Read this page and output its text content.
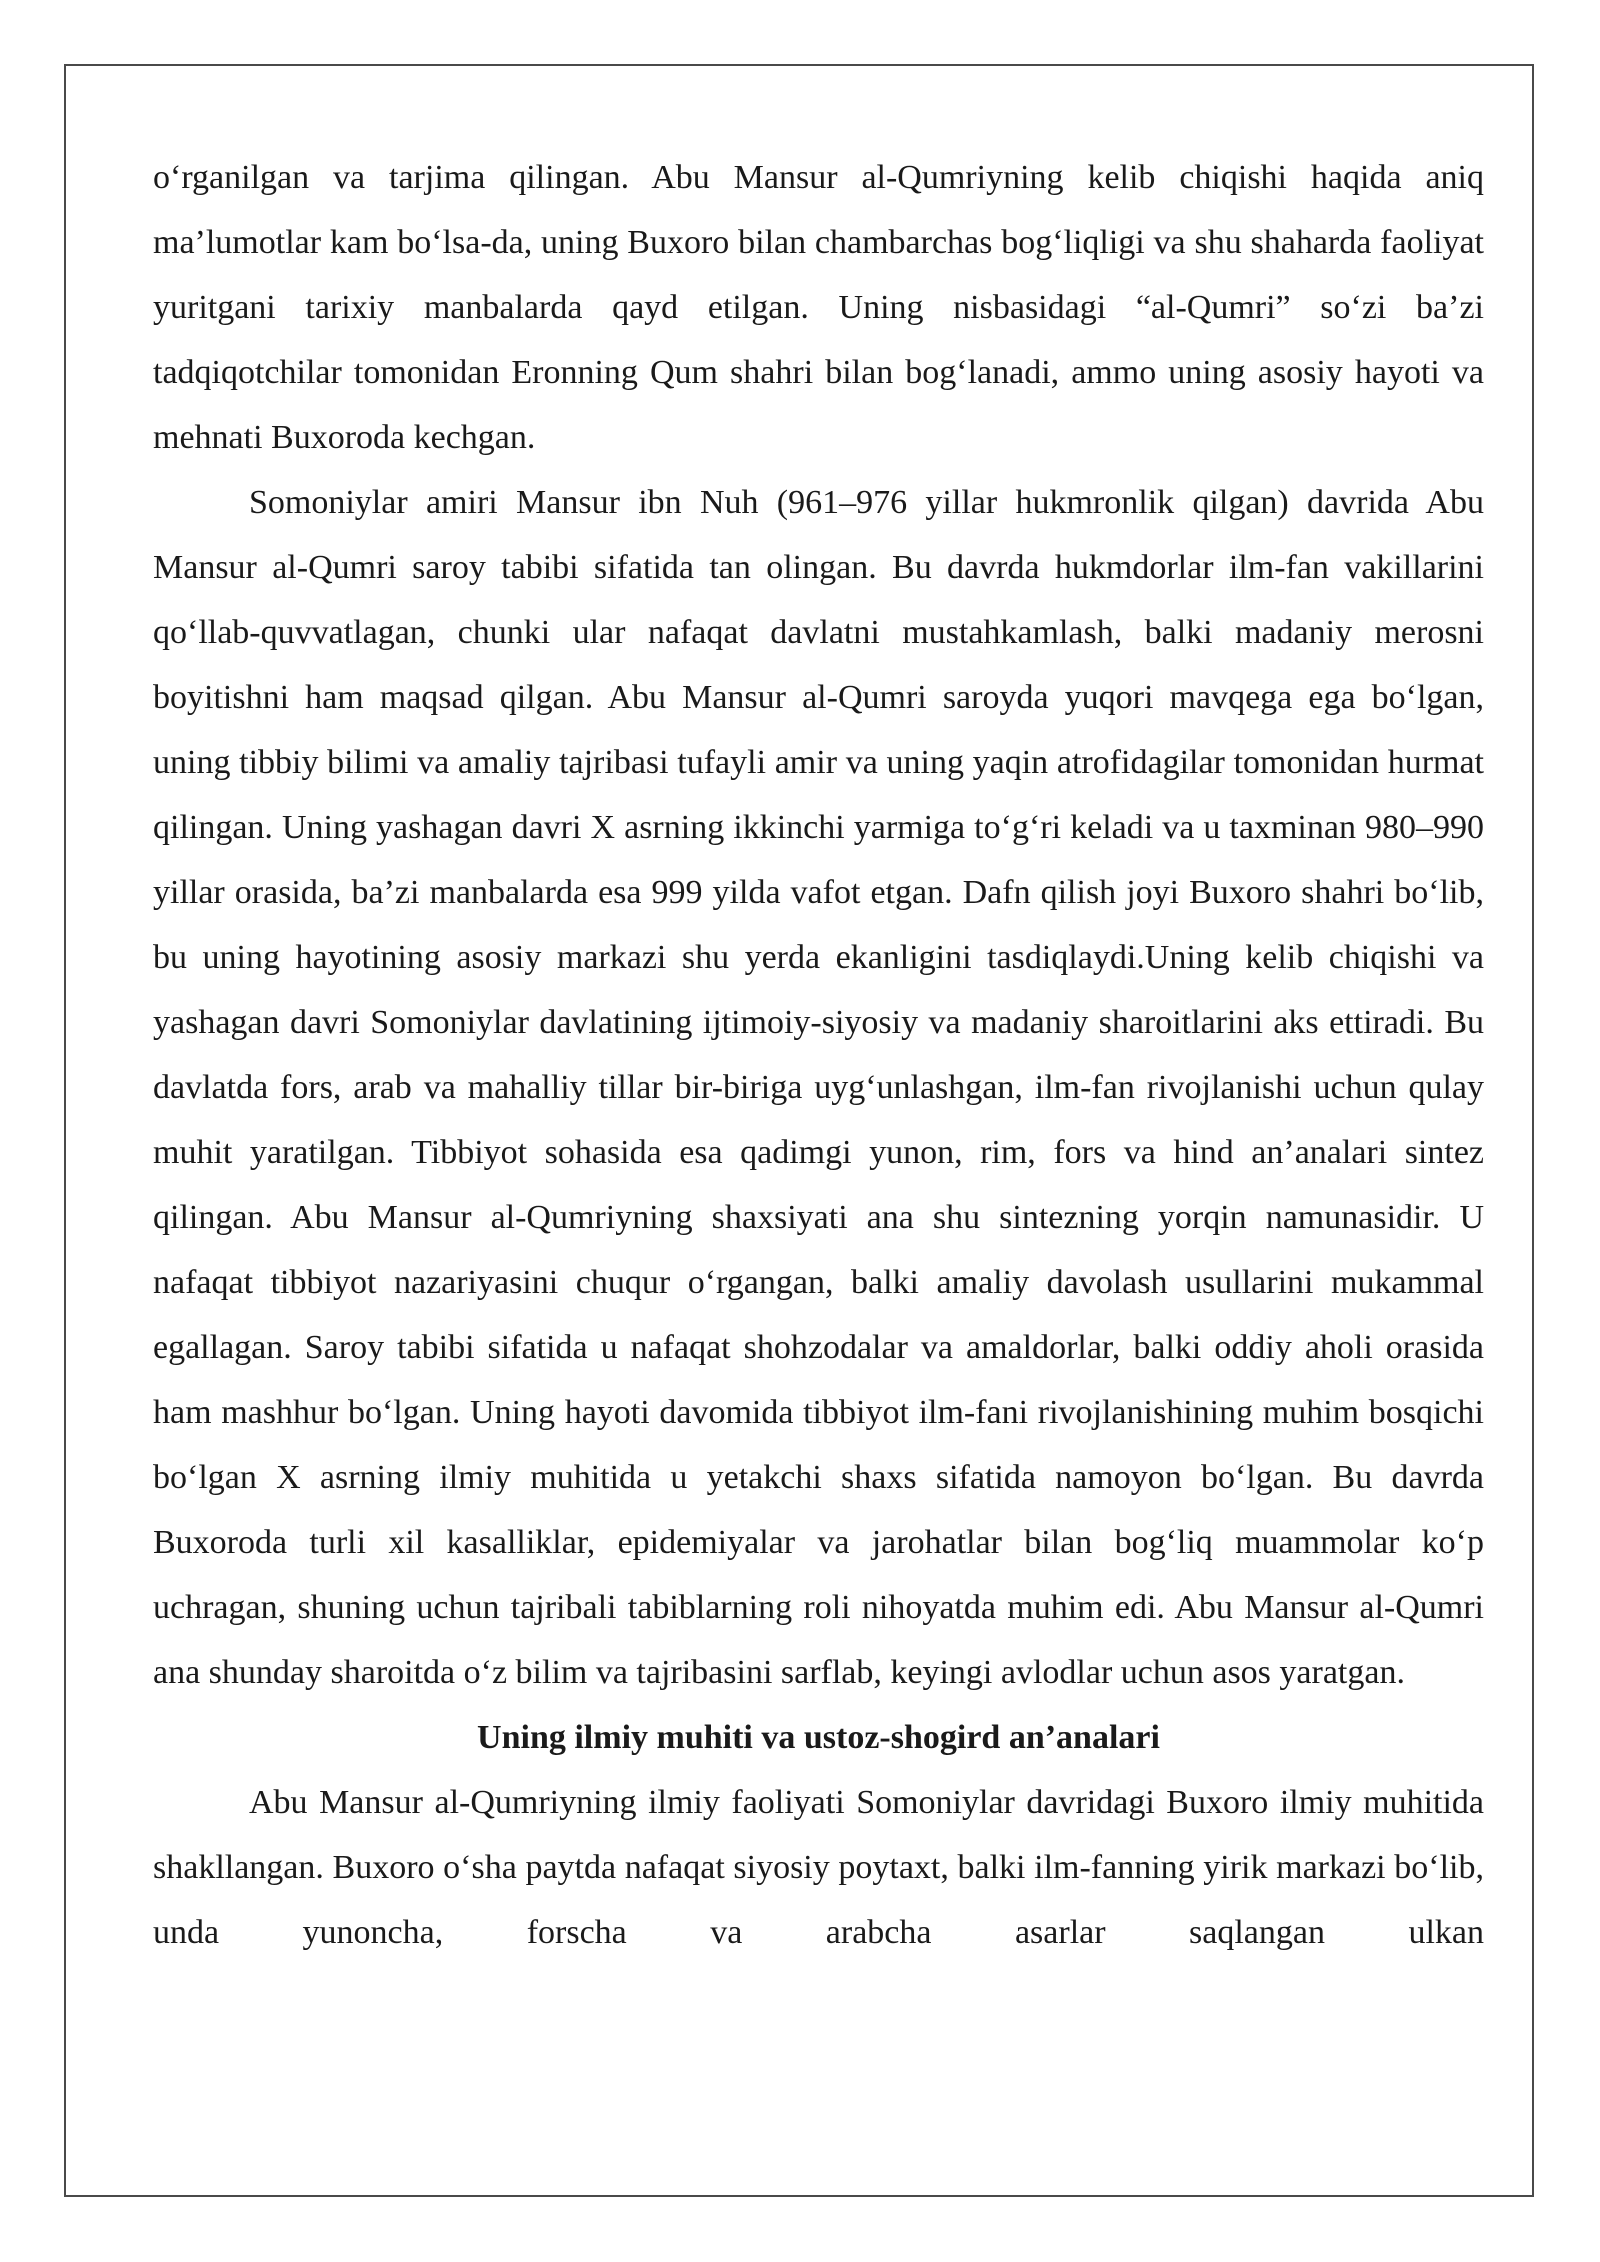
o‘rganilgan va tarjima qilingan. Abu Mansur al-Qumriyning kelib chiqishi haqida aniq ma’lumotlar kam bo‘lsa-da, uning Buxoro bilan chambarchas bog‘liqligi va shu shaharda faoliyat yuritgani tarixiy manbalarda qayd etilgan. Uning nisbasidagi “al-Qumri” so‘zi ba’zi tadqiqotchilar tomonidan Eronning Qum shahri bilan bog‘lanadi, ammo uning asosiy hayoti va mehnati Buxoroda kechgan.

Somoniylar amiri Mansur ibn Nuh (961–976 yillar hukmronlik qilgan) davrida Abu Mansur al-Qumri saroy tabibi sifatida tan olingan. Bu davrda hukmdorlar ilm-fan vakillarini qo‘llab-quvvatlagan, chunki ular nafaqat davlatni mustahkamlash, balki madaniy merosni boyitishni ham maqsad qilgan. Abu Mansur al-Qumri saroyda yuqori mavqega ega bo‘lgan, uning tibbiy bilimi va amaliy tajribasi tufayli amir va uning yaqin atrofidagilar tomonidan hurmat qilingan. Uning yashagan davri X asrning ikkinchi yarmiga to‘g‘ri keladi va u taxminan 980–990 yillar orasida, ba’zi manbalarda esa 999 yilda vafot etgan. Dafn qilish joyi Buxoro shahri bo‘lib, bu uning hayotining asosiy markazi shu yerda ekanligini tasdiqlaydi.Uning kelib chiqishi va yashagan davri Somoniylar davlatining ijtimoiy-siyosiy va madaniy sharoitlarini aks ettiradi. Bu davlatda fors, arab va mahalliy tillar bir-biriga uyg‘unlashgan, ilm-fan rivojlanishi uchun qulay muhit yaratilgan. Tibbiyot sohasida esa qadimgi yunon, rim, fors va hind an’analari sintez qilingan. Abu Mansur al-Qumriyning shaxsiyati ana shu sintezning yorqin namunasidir. U nafaqat tibbiyot nazariyasini chuqur o‘rgangan, balki amaliy davolash usullarini mukammal egallagan. Saroy tabibi sifatida u nafaqat shohzodalar va amaldorlar, balki oddiy aholi orasida ham mashhur bo‘lgan. Uning hayoti davomida tibbiyot ilm-fani rivojlanishining muhim bosqichi bo‘lgan X asrning ilmiy muhitida u yetakchi shaxs sifatida namoyon bo‘lgan. Bu davrda Buxoroda turli xil kasalliklar, epidemiyalar va jarohatlar bilan bog‘liq muammolar ko‘p uchragan, shuning uchun tajribali tabiblarning roli nihoyatda muhim edi. Abu Mansur al-Qumri ana shunday sharoitda o‘z bilim va tajribasini sarflab, keyingi avlodlar uchun asos yaratgan.

Uning ilmiy muhiti va ustoz-shogird an’analari

Abu Mansur al-Qumriyning ilmiy faoliyati Somoniylar davridagi Buxoro ilmiy muhitida shakllangan. Buxoro o‘sha paytda nafaqat siyosiy poytaxt, balki ilm-fanning yirik markazi bo‘lib, unda yunoncha, forscha va arabcha asarlar saqlangan ulkan
